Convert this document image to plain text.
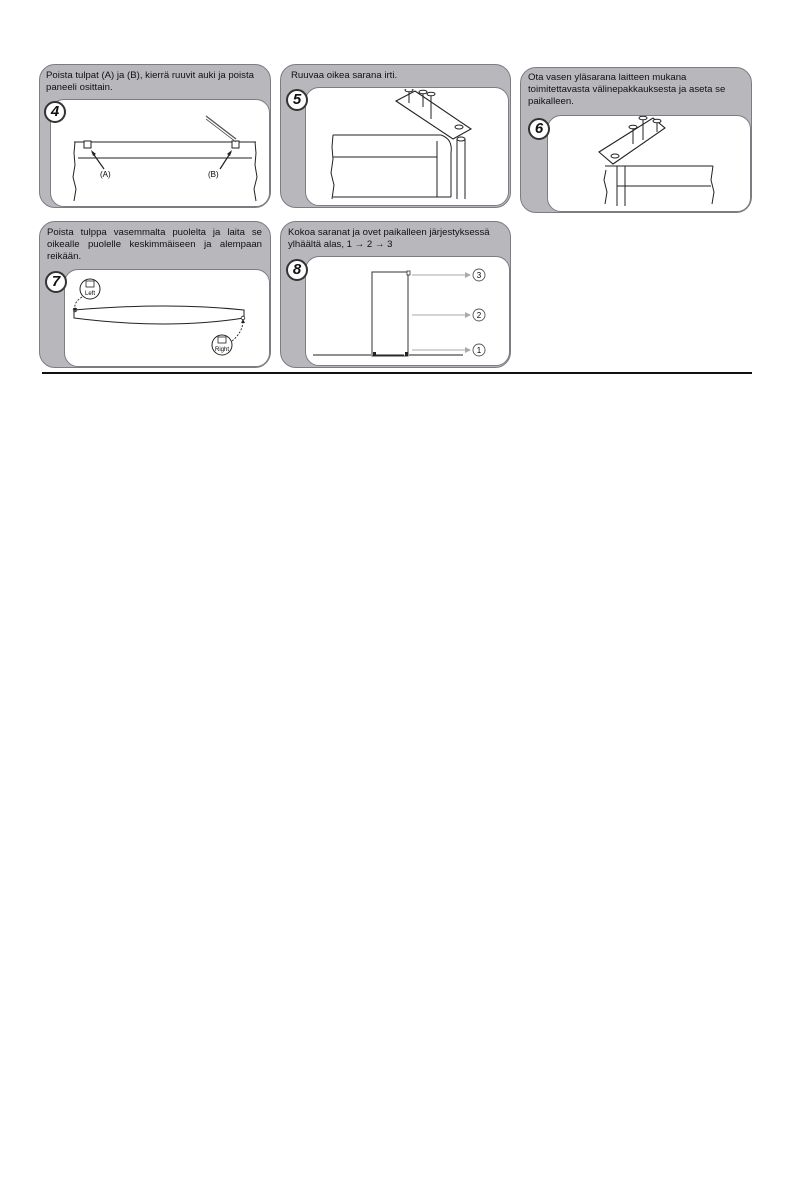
Poista tulpat (A) ja (B), kierrä ruuvit auki ja poista paneeli osittain.
4
(A)	(B)
Ruuvaa oikea sarana irti.
5
Ota vasen yläsarana laitteen mukana toimitettavasta välinepakkauksesta ja aseta se paikalleen.
6
Poista tulppa vasemmalta puolelta ja laita se oikealle puolelle keskimmäiseen ja alempaan reikään.
7
Left
Right
Kokoa saranat ja ovet paikalleen järjestyksessä ylhäältä alas, 1 → 2 → 3
8	3
2
1
